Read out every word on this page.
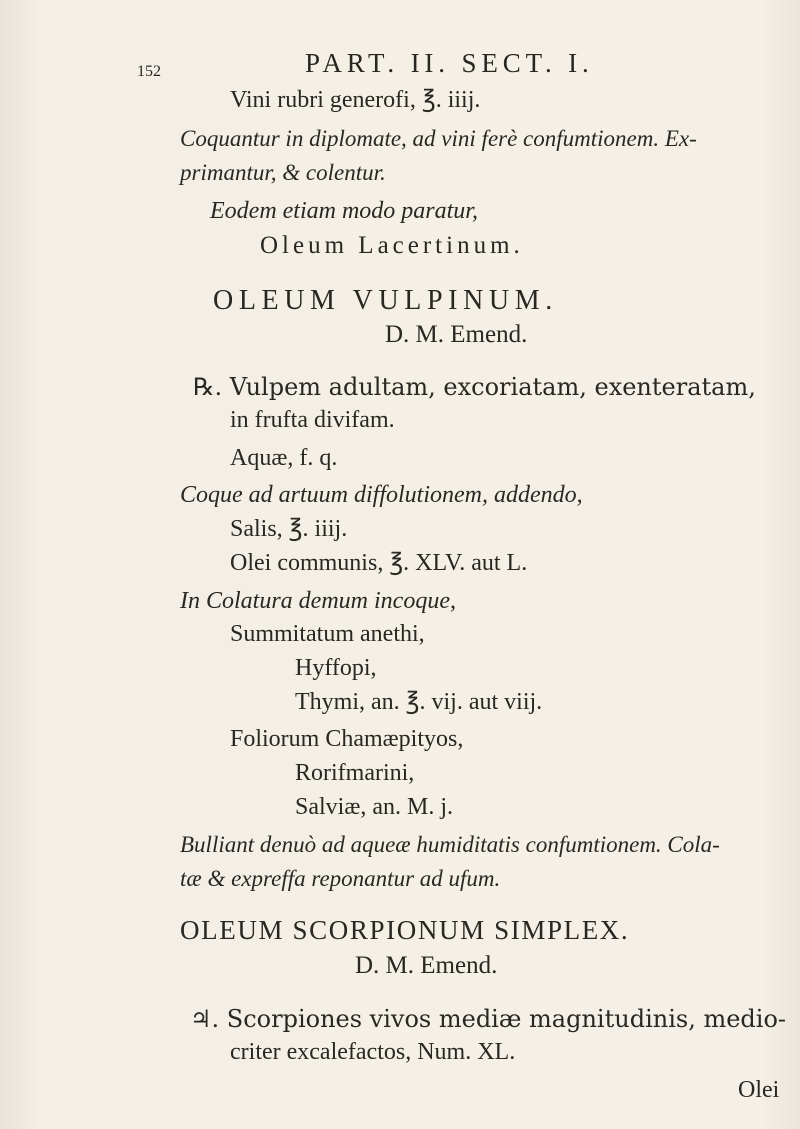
152	PART. II. SECT. I.
Vini rubri generofi, ℥. iiij.
Coquantur in diplomate, ad vini ferè confumtionem. Ex-
primantur, & colentur.
Eodem etiam modo paratur,
Oleum Lacertinum.
OLEUM VULPINUM.
D. M. Emend.
℞. Vulpem adultam, excoriatam, exenteratam,
in frufta divifam.
Aquæ, f. q.
Coque ad artuum diffolutionem, addendo,
Salis, ℥. iiij.
Olei communis, ℥. XLV. aut L.
In Colatura demum incoque,
Summitatum anethi,
Hyffopi,
Thymi, an. ℥. vij. aut viij.
Foliorum Chamæpityos,
Rorifmarini,
Salviæ, an. M. j.
Bulliant denuò ad aqueæ humiditatis confumtionem. Cola-
tæ & expreffa reponantur ad ufum.
OLEUM SCORPIONUM SIMPLEX.
D. M. Emend.
♃. Scorpiones vivos mediæ magnitudinis, medio-
criter excalefactos, Num. XL.
Olei
